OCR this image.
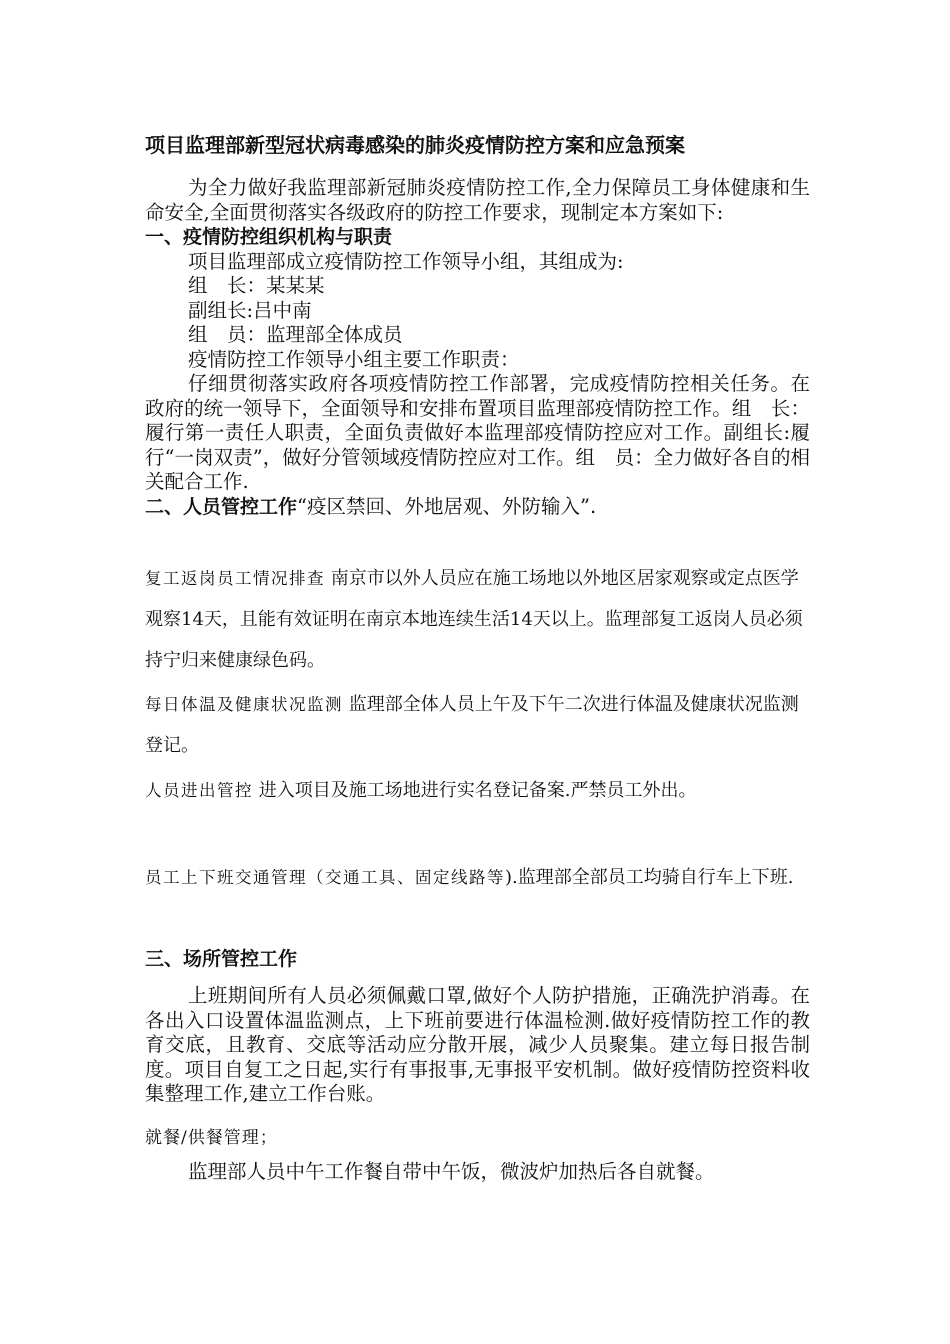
项目监理部新型冠状病毒感染的肺炎疫情防控方案和应急预案
为全力做好我监理部新冠肺炎疫情防控工作,全力保障员工身体健康和生命安全,全面贯彻落实各级政府的防控工作要求，现制定本方案如下:
一、疫情防控组织机构与职责
项目监理部成立疫情防控工作领导小组，其组成为:
组　长：某某某
副组长:吕中南
组　员：监理部全体成员
疫情防控工作领导小组主要工作职责：
仔细贯彻落实政府各项疫情防控工作部署，完成疫情防控相关任务。在政府的统一领导下，全面领导和安排布置项目监理部疫情防控工作。组　长：履行第一责任人职责，全面负责做好本监理部疫情防控应对工作。副组长:履行“一岗双责”，做好分管领域疫情防控应对工作。组　员：全力做好各自的相关配合工作.
二、人员管控工作“疫区禁回、外地居观、外防输入”.
复工返岗员工情况排查 南京市以外人员应在施工场地以外地区居家观察或定点医学观察14天，且能有效证明在南京本地连续生活14天以上。监理部复工返岗人员必须持宁归来健康绿色码。
每日体温及健康状况监测 监理部全体人员上午及下午二次进行体温及健康状况监测登记。
人员进出管控 进入项目及施工场地进行实名登记备案.严禁员工外出。
员工上下班交通管理（交通工具、固定线路等).监理部全部员工均骑自行车上下班.
三、场所管控工作
上班期间所有人员必须佩戴口罩,做好个人防护措施，正确洗护消毒。在各出入口设置体温监测点，上下班前要进行体温检测.做好疫情防控工作的教育交底，且教育、交底等活动应分散开展，减少人员聚集。建立每日报告制度。项目自复工之日起,实行有事报事,无事报平安机制。做好疫情防控资料收集整理工作,建立工作台账。
就餐/供餐管理；
监理部人员中午工作餐自带中午饭，微波炉加热后各自就餐。
